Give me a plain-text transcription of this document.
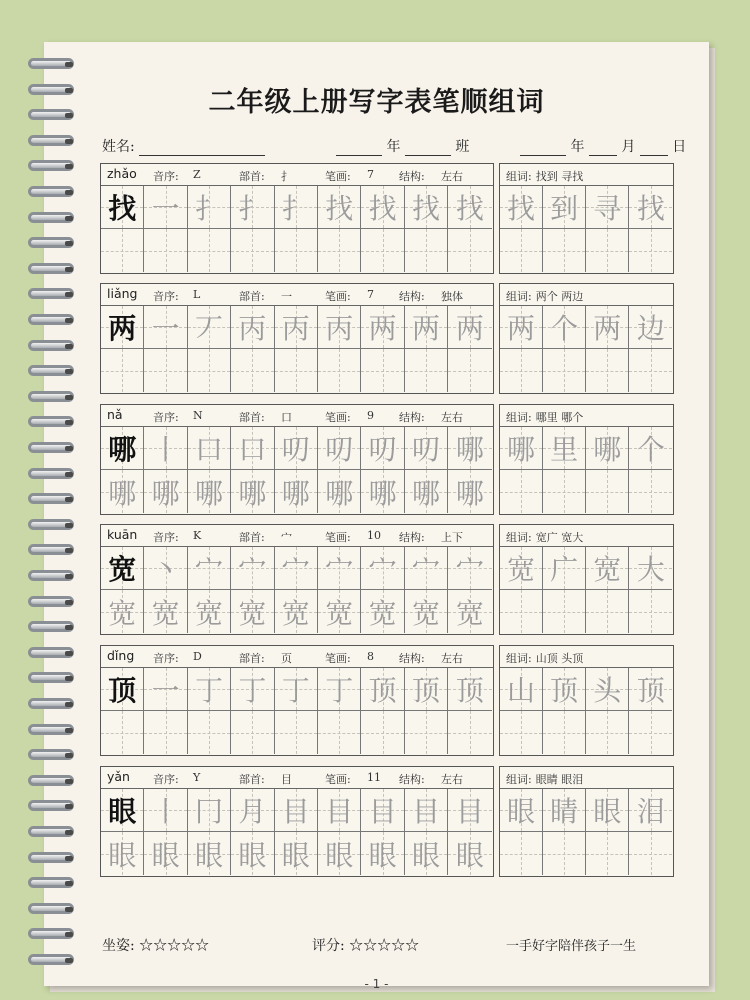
二年级上册写字表笔顺组词
姓名:	年	班	年	月	日
zhǎo 音序: Z	部首: 扌	笔画: 7 结构: 左右
找 一 扌 扌 扌 找 找 找 找
组词: 找到 寻找
找 到 寻 找
liǎng 音序: L	部首: 一	笔画: 7 结构: 独体
两 一 丆 丙 丙 丙 两 两 两
组词: 两个 两边
两 个 两 边
nǎ	音序: N	部首: 口	笔画: 9 结构: 左右
哪 丨 口 口 叨 叨 叨 叨 哪
哪 哪 哪 哪 哪 哪 哪 哪 哪
组词: 哪里 哪个
哪 里 哪 个
kuān 音序: K	部首: 宀	笔画: 10 结构: 上下
宽 丶 宀 宀 宀 宀 宀 宀 宀
宽 宽 宽 宽 宽 宽 宽 宽 宽
组词: 宽广 宽大
宽 广 宽 大
dǐng 音序: D	部首: 页	笔画: 8 结构: 左右
顶 一 丁 丁 丁 丁 顶 顶 顶
组词: 山顶 头顶
山 顶 头 顶
yǎn 音序: Y	部首: 目	笔画: 11 结构: 左右
眼 丨 冂 月 目 目 目 目 目
眼 眼 眼 眼 眼 眼 眼 眼 眼
组词: 眼睛 眼泪
眼 睛 眼 泪
坐姿: ☆☆☆☆☆	评分: ☆☆☆☆☆	一手好字陪伴孩子一生
- 1 -
